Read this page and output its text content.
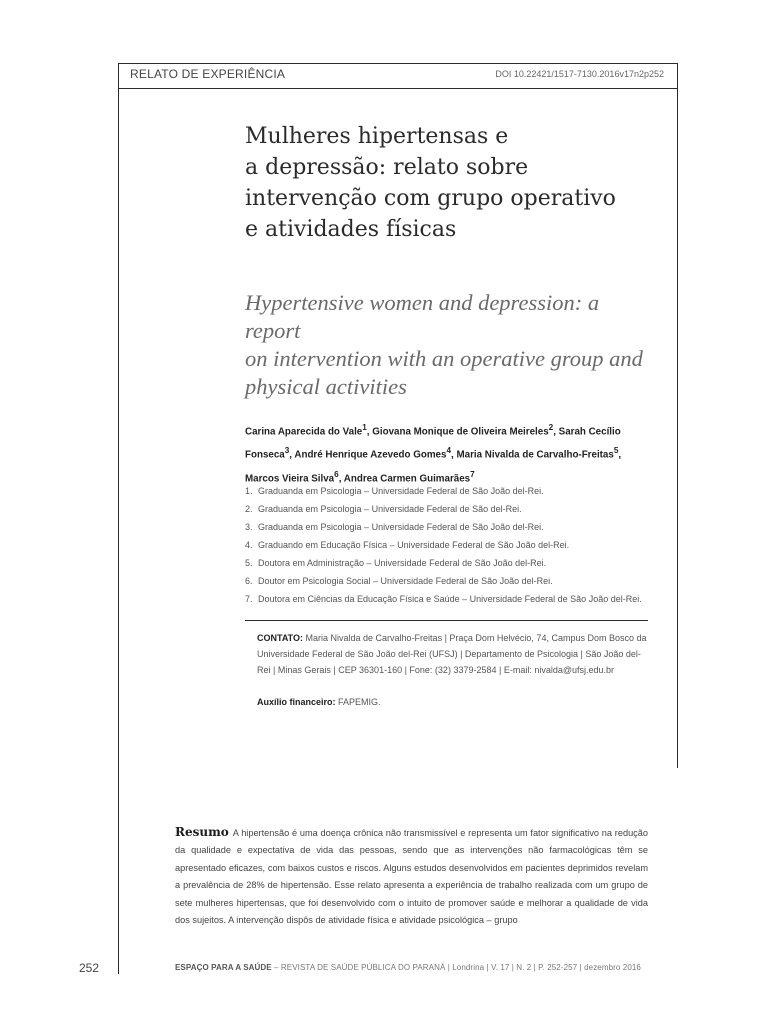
RELATO DE EXPERIÊNCIA	DOI 10.22421/1517-7130.2016v17n2p252
Mulheres hipertensas e
a depressão: relato sobre
intervenção com grupo operativo
e atividades físicas
Hypertensive women and depression: a report
on intervention with an operative group and
physical activities
Carina Aparecida do Vale$^1$, Giovana Monique de Oliveira Meireles$^2$, Sarah Cecílio Fonseca$^3$, André Henrique Azevedo Gomes$^4$, Maria Nivalda de Carvalho-Freitas$^5$, Marcos Vieira Silva$^6$, Andrea Carmen Guimarães$^7$
1. Graduanda em Psicologia – Universidade Federal de São João del-Rei.
2. Graduanda em Psicologia – Universidade Federal de São del-Rei.
3. Graduanda em Psicologia – Universidade Federal de São João del-Rei.
4. Graduando em Educação Física – Universidade Federal de São João del-Rei.
5. Doutora em Administração – Universidade Federal de São João del-Rei.
6. Doutor em Psicologia Social – Universidade Federal de São João del-Rei.
7. Doutora em Ciências da Educação Física e Saúde – Universidade Federal de São João del-Rei.
CONTATO: Maria Nivalda de Carvalho-Freitas | Praça Dom Helvécio, 74, Campus Dom Bosco da Universidade Federal de São João del-Rei (UFSJ) | Departamento de Psicologia | São João del-Rei | Minas Gerais | CEP 36301-160 | Fone: (32) 3379-2584 | E-mail: nivalda@ufsj.edu.br
Auxílio financeiro: FAPEMIG.
Resumo A hipertensão é uma doença crônica não transmissível e representa um fator significativo na redução da qualidade e expectativa de vida das pessoas, sendo que as intervenções não farmacológicas têm se apresentado eficazes, com baixos custos e riscos. Alguns estudos desenvolvidos em pacientes deprimidos revelam a prevalência de 28% de hipertensão. Esse relato apresenta a experiência de trabalho realizada com um grupo de sete mulheres hipertensas, que foi desenvolvido com o intuito de promover saúde e melhorar a qualidade de vida dos sujeitos. A intervenção dispôs de atividade física e atividade psicológica – grupo
252	ESPAÇO PARA A SAÚDE – REVISTA DE SAÚDE PÚBLICA DO PARANÁ | Londrina | V. 17 | N. 2 | P. 252-257 | dezembro 2016
